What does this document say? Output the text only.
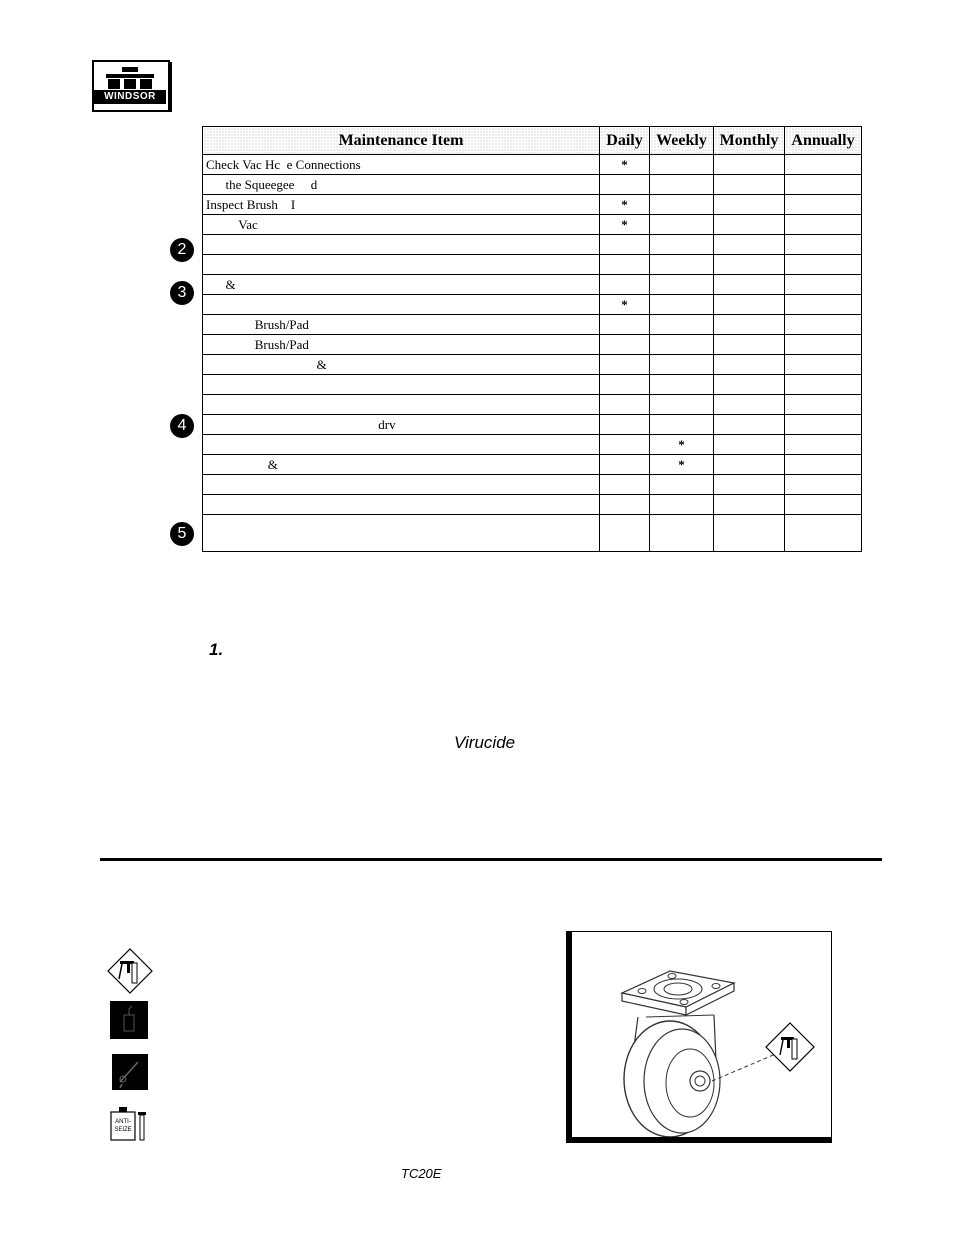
WINDSOR
Maintenance Item	Daily	Weekly	Monthly	Annually
Check Vac Hc  e Connections	*			
the Squeegee     d				
Inspect Brush    I	*			
Vac	*			

&				
	*			
Brush/Pad				
Brush/Pad				
&				

drv				
		*		
&		*		

2
3
4
5
1.
Virucide
ANTI-
SEIZE
TC20E
